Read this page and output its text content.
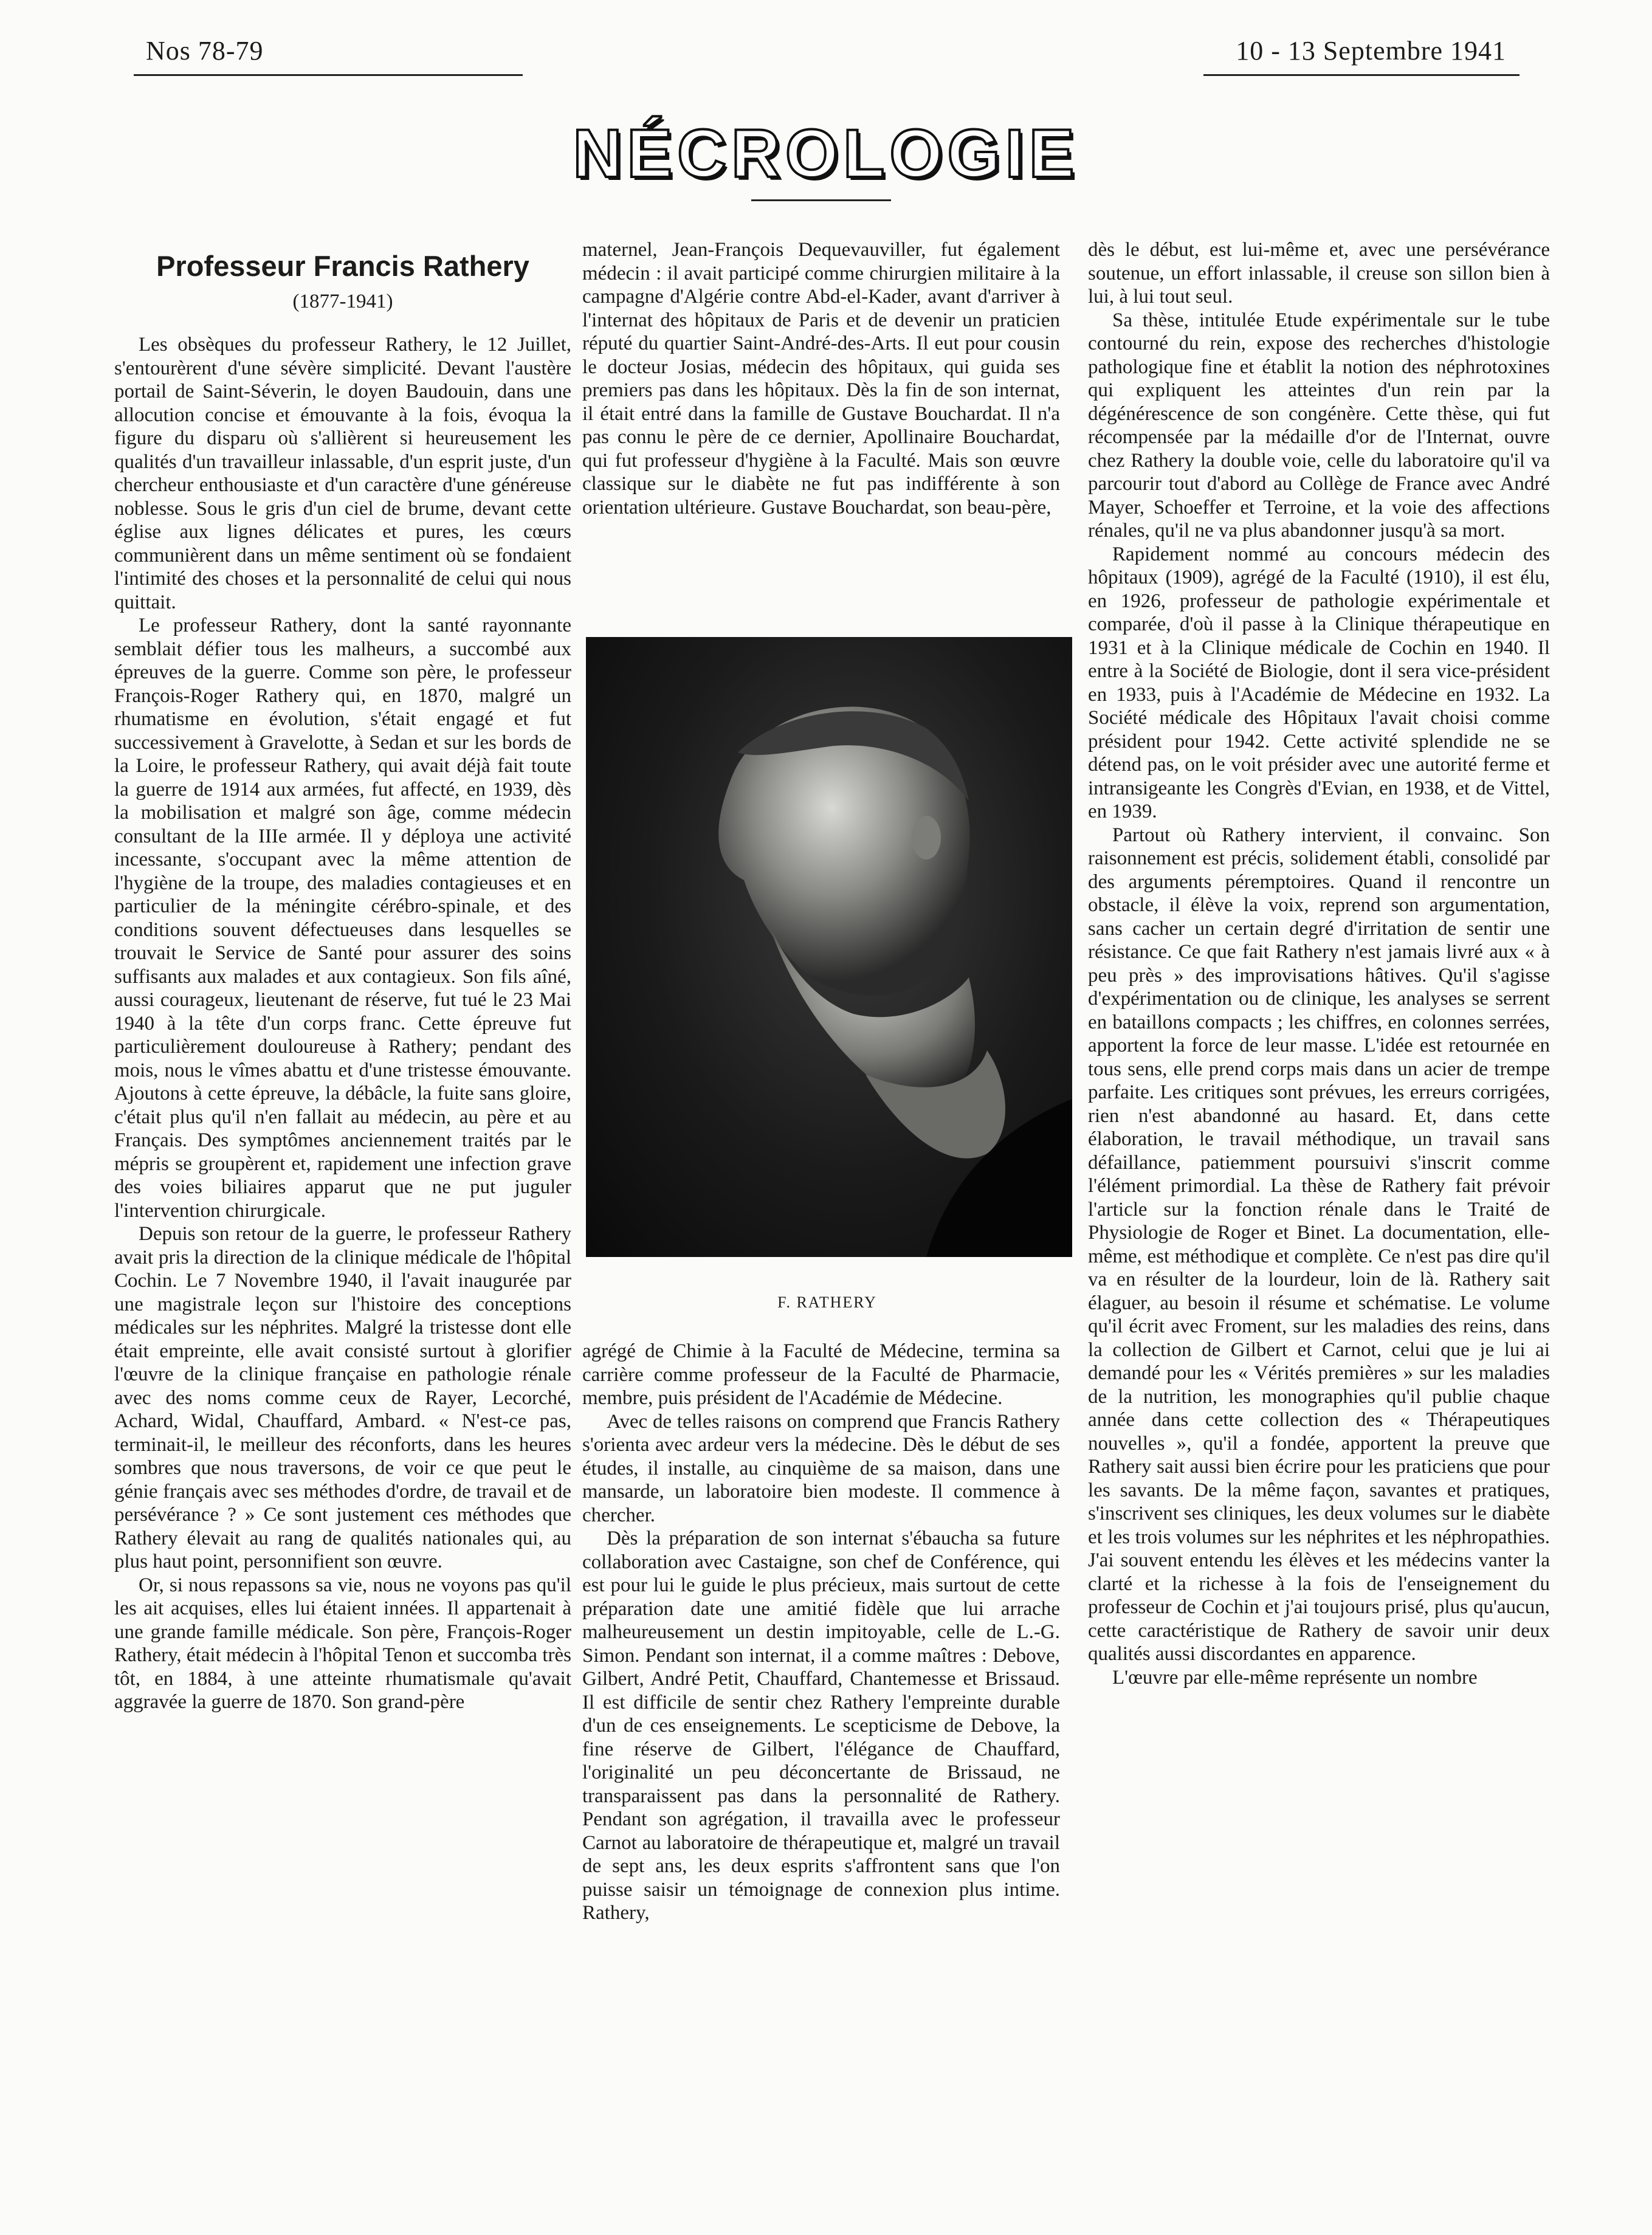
Nos 78-79	10 - 13 Septembre 1941
NÉCROLOGIE
Professeur Francis Rathery
(1877-1941)

Les obsèques du professeur Rathery, le 12 Juillet, s'entourèrent d'une sévère simplicité. Devant l'austère portail de Saint-Séverin, le doyen Baudouin, dans une allocution concise et émouvante à la fois, évoqua la figure du disparu où s'allièrent si heureusement les qualités d'un travailleur inlassable, d'un esprit juste, d'un chercheur enthousiaste et d'un caractère d'une généreuse noblesse. Sous le gris d'un ciel de brume, devant cette église aux lignes délicates et pures, les cœurs communièrent dans un même sentiment où se fondaient l'intimité des choses et la personnalité de celui qui nous quittait.

Le professeur Rathery, dont la santé rayonnante semblait défier tous les malheurs, a succombé aux épreuves de la guerre. Comme son père, le professeur François-Roger Rathery qui, en 1870, malgré un rhumatisme en évolution, s'était engagé et fut successivement à Gravelotte, à Sedan et sur les bords de la Loire, le professeur Rathery, qui avait déjà fait toute la guerre de 1914 aux armées, fut affecté, en 1939, dès la mobilisation et malgré son âge, comme médecin consultant de la IIIe armée. Il y déploya une activité incessante, s'occupant avec la même attention de l'hygiène de la troupe, des maladies contagieuses et en particulier de la méningite cérébro-spinale, et des conditions souvent défectueuses dans lesquelles se trouvait le Service de Santé pour assurer des soins suffisants aux malades et aux contagieux. Son fils aîné, aussi courageux, lieutenant de réserve, fut tué le 23 Mai 1940 à la tête d'un corps franc. Cette épreuve fut particulièrement douloureuse à Rathery; pendant des mois, nous le vîmes abattu et d'une tristesse émouvante. Ajoutons à cette épreuve, la débâcle, la fuite sans gloire, c'était plus qu'il n'en fallait au médecin, au père et au Français. Des symptômes anciennement traités par le mépris se groupèrent et, rapidement une infection grave des voies biliaires apparut que ne put juguler l'intervention chirurgicale.

Depuis son retour de la guerre, le professeur Rathery avait pris la direction de la clinique médicale de l'hôpital Cochin. Le 7 Novembre 1940, il l'avait inaugurée par une magistrale leçon sur l'histoire des conceptions médicales sur les néphrites. Malgré la tristesse dont elle était empreinte, elle avait consisté surtout à glorifier l'œuvre de la clinique française en pathologie rénale avec des noms comme ceux de Rayer, Lecorché, Achard, Widal, Chauffard, Ambard. « N'est-ce pas, terminait-il, le meilleur des réconforts, dans les heures sombres que nous traversons, de voir ce que peut le génie français avec ses méthodes d'ordre, de travail et de persévérance ? » Ce sont justement ces méthodes que Rathery élevait au rang de qualités nationales qui, au plus haut point, personnifient son œuvre.

Or, si nous repassons sa vie, nous ne voyons pas qu'il les ait acquises, elles lui étaient innées. Il appartenait à une grande famille médicale. Son père, François-Roger Rathery, était médecin à l'hôpital Tenon et succomba très tôt, en 1884, à une atteinte rhumatismale qu'avait aggravée la guerre de 1870. Son grand-père

maternel, Jean-François Dequevauviller, fut également médecin : il avait participé comme chirurgien militaire à la campagne d'Algérie contre Abd-el-Kader, avant d'arriver à l'internat des hôpitaux de Paris et de devenir un praticien réputé du quartier Saint-André-des-Arts. Il eut pour cousin le docteur Josias, médecin des hôpitaux, qui guida ses premiers pas dans les hôpitaux. Dès la fin de son internat, il était entré dans la famille de Gustave Bouchardat. Il n'a pas connu le père de ce dernier, Apollinaire Bouchardat, qui fut professeur d'hygiène à la Faculté. Mais son œuvre classique sur le diabète ne fut pas indifférente à son orientation ultérieure. Gustave Bouchardat, son beau-père,

F. RATHERY

agrégé de Chimie à la Faculté de Médecine, termina sa carrière comme professeur de la Faculté de Pharmacie, membre, puis président de l'Académie de Médecine.

Avec de telles raisons on comprend que Francis Rathery s'orienta avec ardeur vers la médecine. Dès le début de ses études, il installe, au cinquième de sa maison, dans une mansarde, un laboratoire bien modeste. Il commence à chercher.

Dès la préparation de son internat s'ébaucha sa future collaboration avec Castaigne, son chef de Conférence, qui est pour lui le guide le plus précieux, mais surtout de cette préparation date une amitié fidèle que lui arrache malheureusement un destin impitoyable, celle de L.-G. Simon. Pendant son internat, il a comme maîtres : Debove, Gilbert, André Petit, Chauffard, Chantemesse et Brissaud. Il est difficile de sentir chez Rathery l'empreinte durable d'un de ces enseignements. Le scepticisme de Debove, la fine réserve de Gilbert, l'élégance de Chauffard, l'originalité un peu déconcertante de Brissaud, ne transparaissent pas dans la personnalité de Rathery. Pendant son agrégation, il travailla avec le professeur Carnot au laboratoire de thérapeutique et, malgré un travail de sept ans, les deux esprits s'affrontent sans que l'on puisse saisir un témoignage de connexion plus intime. Rathery,

dès le début, est lui-même et, avec une persévérance soutenue, un effort inlassable, il creuse son sillon bien à lui, à lui tout seul.

Sa thèse, intitulée Etude expérimentale sur le tube contourné du rein, expose des recherches d'histologie pathologique fine et établit la notion des néphrotoxines qui expliquent les atteintes d'un rein par la dégénérescence de son congénère. Cette thèse, qui fut récompensée par la médaille d'or de l'Internat, ouvre chez Rathery la double voie, celle du laboratoire qu'il va parcourir tout d'abord au Collège de France avec André Mayer, Schoeffer et Terroine, et la voie des affections rénales, qu'il ne va plus abandonner jusqu'à sa mort.

Rapidement nommé au concours médecin des hôpitaux (1909), agrégé de la Faculté (1910), il est élu, en 1926, professeur de pathologie expérimentale et comparée, d'où il passe à la Clinique thérapeutique en 1931 et à la Clinique médicale de Cochin en 1940. Il entre à la Société de Biologie, dont il sera vice-président en 1933, puis à l'Académie de Médecine en 1932. La Société médicale des Hôpitaux l'avait choisi comme président pour 1942. Cette activité splendide ne se détend pas, on le voit présider avec une autorité ferme et intransigeante les Congrès d'Evian, en 1938, et de Vittel, en 1939.

Partout où Rathery intervient, il convainc. Son raisonnement est précis, solidement établi, consolidé par des arguments péremptoires. Quand il rencontre un obstacle, il élève la voix, reprend son argumentation, sans cacher un certain degré d'irritation de sentir une résistance. Ce que fait Rathery n'est jamais livré aux « à peu près » des improvisations hâtives. Qu'il s'agisse d'expérimentation ou de clinique, les analyses se serrent en bataillons compacts ; les chiffres, en colonnes serrées, apportent la force de leur masse. L'idée est retournée en tous sens, elle prend corps mais dans un acier de trempe parfaite. Les critiques sont prévues, les erreurs corrigées, rien n'est abandonné au hasard. Et, dans cette élaboration, le travail méthodique, un travail sans défaillance, patiemment poursuivi s'inscrit comme l'élément primordial. La thèse de Rathery fait prévoir l'article sur la fonction rénale dans le Traité de Physiologie de Roger et Binet. La documentation, elle-même, est méthodique et complète. Ce n'est pas dire qu'il va en résulter de la lourdeur, loin de là. Rathery sait élaguer, au besoin il résume et schématise. Le volume qu'il écrit avec Froment, sur les maladies des reins, dans la collection de Gilbert et Carnot, celui que je lui ai demandé pour les « Vérités premières » sur les maladies de la nutrition, les monographies qu'il publie chaque année dans cette collection des « Thérapeutiques nouvelles », qu'il a fondée, apportent la preuve que Rathery sait aussi bien écrire pour les praticiens que pour les savants. De la même façon, savantes et pratiques, s'inscrivent ses cliniques, les deux volumes sur le diabète et les trois volumes sur les néphrites et les néphropathies. J'ai souvent entendu les élèves et les médecins vanter la clarté et la richesse à la fois de l'enseignement du professeur de Cochin et j'ai toujours prisé, plus qu'aucun, cette caractéristique de Rathery de savoir unir deux qualités aussi discordantes en apparence.

L'œuvre par elle-même représente un nombre
